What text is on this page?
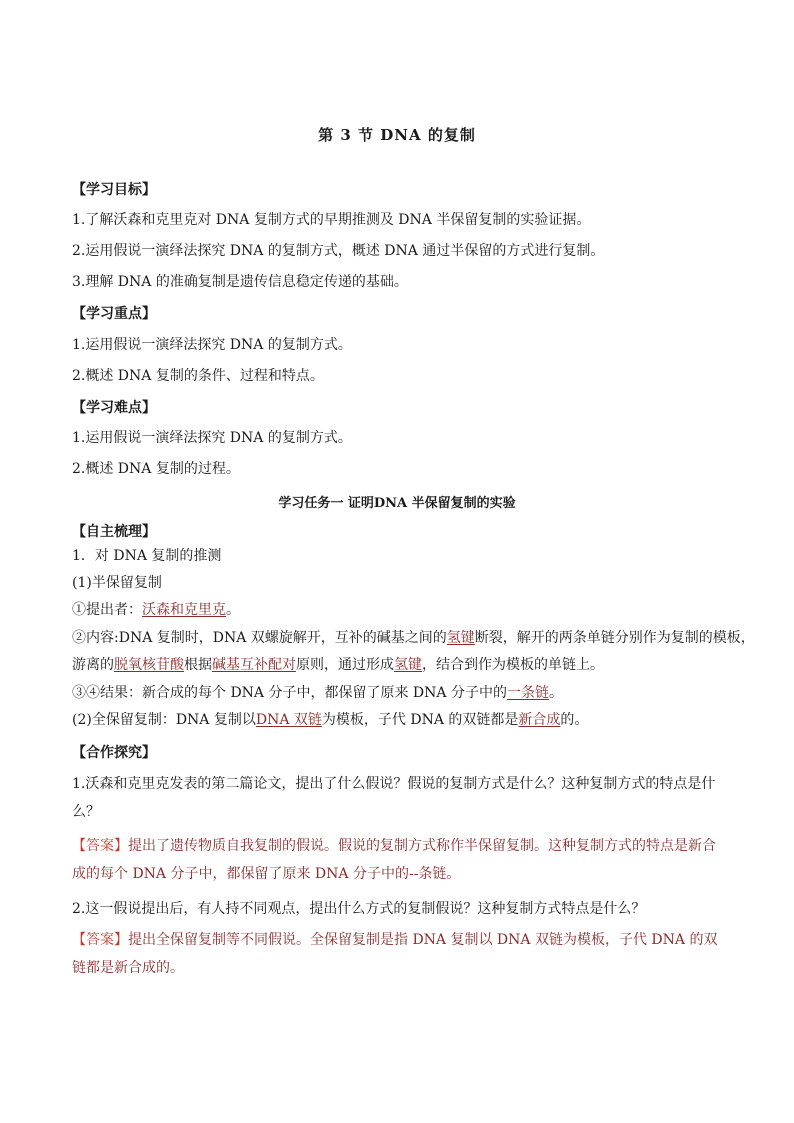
第 3 节 DNA 的复制
【学习目标】
1.了解沃森和克里克对 DNA 复制方式的早期推测及 DNA 半保留复制的实验证据。
2.运用假说一演绎法探究 DNA 的复制方式，概述 DNA 通过半保留的方式进行复制。
3.理解 DNA 的准确复制是遗传信息稳定传递的基础。
【学习重点】
1.运用假说一演绎法探究 DNA 的复制方式。
2.概述 DNA 复制的条件、过程和特点。
【学习难点】
1.运用假说一演绎法探究 DNA 的复制方式。
2.概述 DNA 复制的过程。
学习任务一 证明DNA 半保留复制的实验
【自主梳理】
1．对 DNA 复制的推测
(1)半保留复制
①提出者：沃森和克里克。
②内容:DNA 复制时，DNA 双螺旋解开，互补的碱基之间的氢键断裂，解开的两条单链分别作为复制的模板，
游离的脱氧核苷酸根据碱基互补配对原则，通过形成氢键，结合到作为模板的单链上。
③④结果：新合成的每个 DNA 分子中，都保留了原来 DNA 分子中的一条链。
(2)全保留复制：DNA 复制以DNA 双链为模板，子代 DNA 的双链都是新合成的。
【合作探究】
1.沃森和克里克发表的第二篇论文，提出了什么假说？假说的复制方式是什么？这种复制方式的特点是什么？
【答案】提出了遗传物质自我复制的假说。假说的复制方式称作半保留复制。这种复制方式的特点是新合成的每个 DNA 分子中，都保留了原来 DNA 分子中的--条链。
2.这一假说提出后，有人持不同观点，提出什么方式的复制假说？这种复制方式特点是什么？
【答案】提出全保留复制等不同假说。全保留复制是指 DNA 复制以 DNA 双链为模板，子代 DNA 的双链都是新合成的。
